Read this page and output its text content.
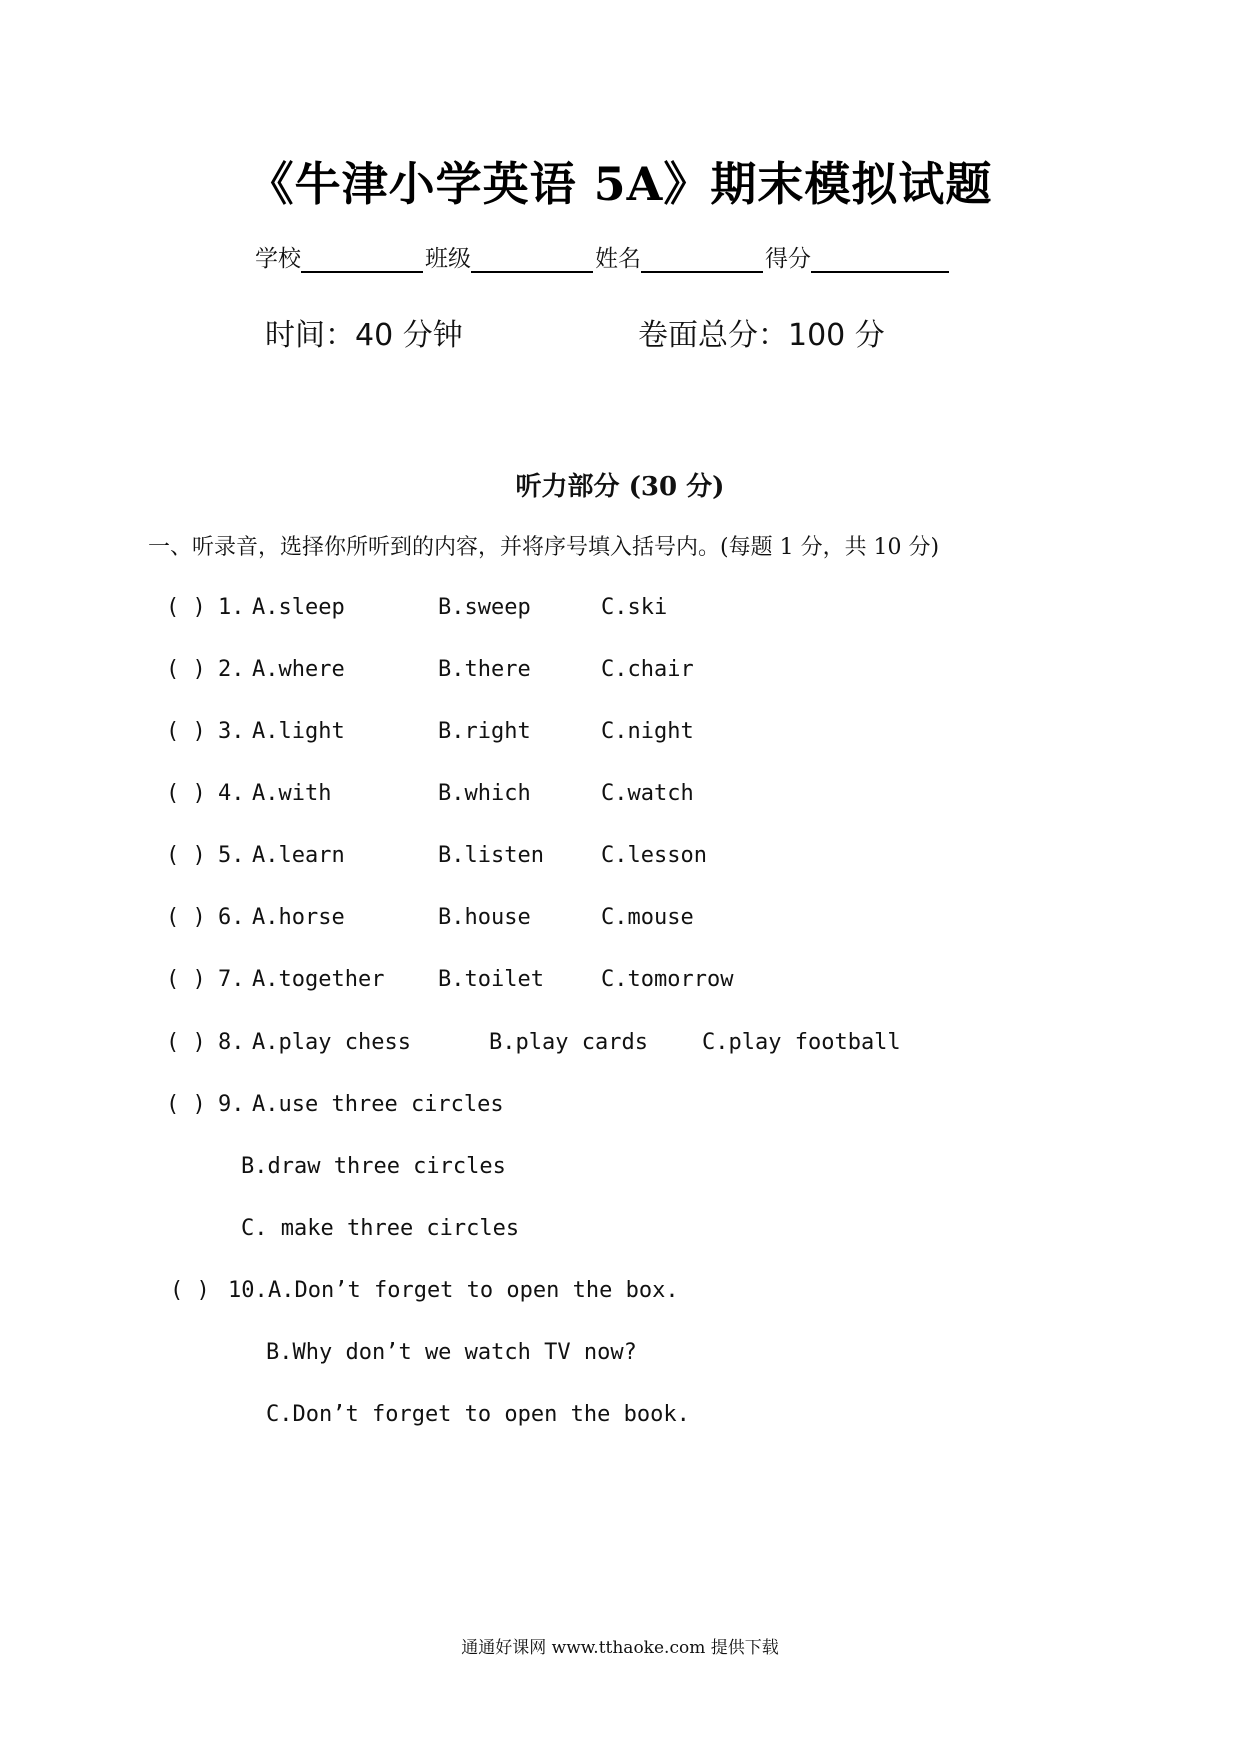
《牛津小学英语 5A》期末模拟试题
学校	班级	姓名	得分
时间：40 分钟	卷面总分：100 分
听力部分 (30 分)
一、听录音，选择你所听到的内容，并将序号填入括号内。(每题 1 分，共 10 分)
( ) 1. A.sleep	B.sweep	C.ski
( ) 2. A.where	B.there	C.chair
( ) 3. A.light	B.right	C.night
( ) 4. A.with	B.which	C.watch
( ) 5. A.learn	B.listen	C.lesson
( ) 6. A.horse	B.house	C.mouse
( ) 7. A.together B.toilet	C.tomorrow
( ) 8. A.play chess	B.play cards C.play football
( ) 9. A.use three circles
B.draw three circles
C. make three circles
( ) 10. A.Don’t forget to open the box.
B.Why don’t we watch TV now?
C.Don’t forget to open the book.
通通好课网 www.tthaoke.com 提供下载
